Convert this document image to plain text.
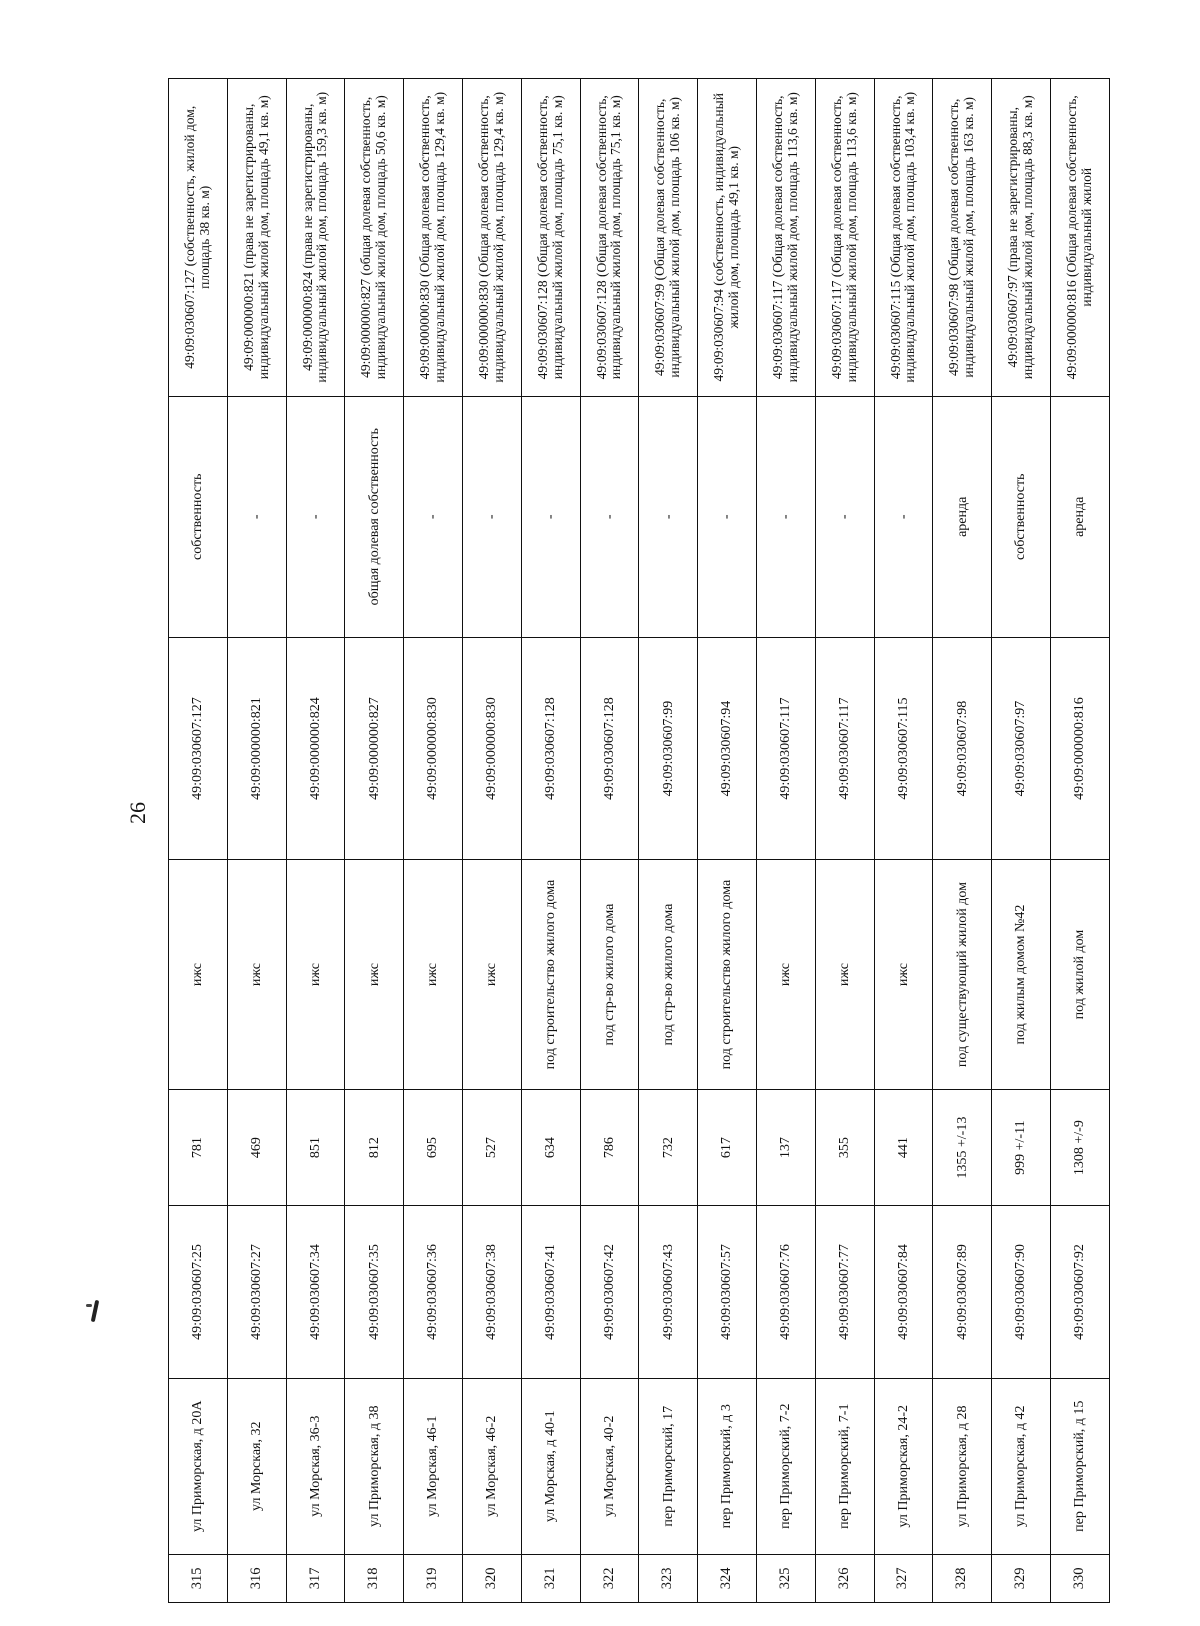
26
315	ул Приморская, д 20А	49:09:030607:25	781	ижс	49:09:030607:127	собственность	49:09:030607:127 (собственность, жилой дом, площадь 38 кв. м)
316	ул Морская, 32	49:09:030607:27	469	ижс	49:09:000000:821	-	49:09:000000:821 (права не зарегистрированы, индивидуальный жилой дом, площадь 49,1 кв. м)
317	ул Морская, 36-3	49:09:030607:34	851	ижс	49:09:000000:824	-	49:09:000000:824 (права не зарегистрированы, индивидуальный жилой дом, площадь 159,3 кв. м)
318	ул Приморская, д 38	49:09:030607:35	812	ижс	49:09:000000:827	общая долевая собственность	49:09:000000:827 (общая долевая собственность, индивидуальный жилой дом, площадь 50,6 кв. м)
319	ул Морская, 46-1	49:09:030607:36	695	ижс	49:09:000000:830	-	49:09:000000:830 (Общая долевая собственность, индивидуальный жилой дом, площадь 129,4 кв. м)
320	ул Морская, 46-2	49:09:030607:38	527	ижс	49:09:000000:830	-	49:09:000000:830 (Общая долевая собственность, индивидуальный жилой дом, площадь 129,4 кв. м)
321	ул Морская, д 40-1	49:09:030607:41	634	под строительство жилого дома	49:09:030607:128	-	49:09:030607:128 (Общая долевая собственность, индивидуальный жилой дом, площадь 75,1 кв. м)
322	ул Морская, 40-2	49:09:030607:42	786	под стр-во жилого дома	49:09:030607:128	-	49:09:030607:128 (Общая долевая собственность, индивидуальный жилой дом, площадь 75,1 кв. м)
323	пер Приморский, 17	49:09:030607:43	732	под стр-во жилого дома	49:09:030607:99	-	49:09:030607:99 (Общая долевая собственность, индивидуальный жилой дом, площадь 106 кв. м)
324	пер Приморский, д 3	49:09:030607:57	617	под строительство жилого дома	49:09:030607:94	-	49:09:030607:94 (собственность, индивидуальный жилой дом, площадь 49,1 кв. м)
325	пер Приморский, 7-2	49:09:030607:76	137	ижс	49:09:030607:117	-	49:09:030607:117 (Общая долевая собственность, индивидуальный жилой дом, площадь 113,6 кв. м)
326	пер Приморский, 7-1	49:09:030607:77	355	ижс	49:09:030607:117	-	49:09:030607:117 (Общая долевая собственность, индивидуальный жилой дом, площадь 113,6 кв. м)
327	ул Приморская, 24-2	49:09:030607:84	441	ижс	49:09:030607:115	-	49:09:030607:115 (Общая долевая собственность, индивидуальный жилой дом, площадь 103,4 кв. м)
328	ул Приморская, д 28	49:09:030607:89	1355 +/-13	под существующий жилой дом	49:09:030607:98	аренда	49:09:030607:98 (Общая долевая собственность, индивидуальный жилой дом, площадь 163 кв. м)
329	ул Приморская, д 42	49:09:030607:90	999 +/-11	под жилым домом №42	49:09:030607:97	собственность	49:09:030607:97 (права не зарегистрированы, индивидуальный жилой дом, площадь 88,3 кв. м)
330	пер Приморский, д 15	49:09:030607:92	1308 +/-9	под жилой дом	49:09:000000:816	аренда	49:09:000000:816 (Общая долевая собственность, индивидуальный жилой
